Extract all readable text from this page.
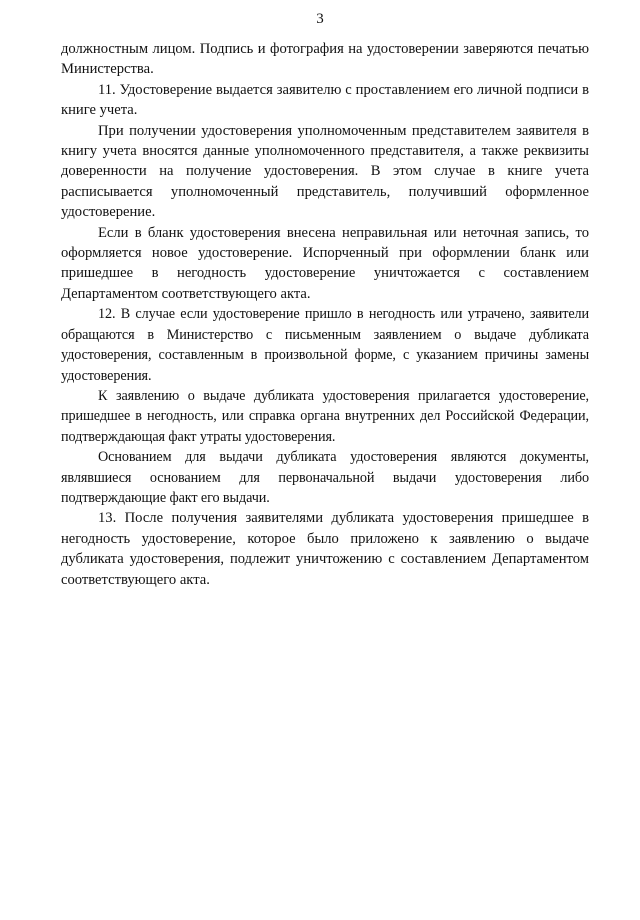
3

должностным лицом. Подпись и фотография на удостоверении заверяются печатью Министерства.

11. Удостоверение выдается заявителю с проставлением его личной подписи в книге учета.

При получении удостоверения уполномоченным представителем заявителя в книгу учета вносятся данные уполномоченного представителя, а также реквизиты доверенности на получение удостоверения. В этом случае в книге учета расписывается уполномоченный представитель, получивший оформленное удостоверение.

Если в бланк удостоверения внесена неправильная или неточная запись, то оформляется новое удостоверение. Испорченный при оформлении бланк или пришедшее в негодность удостоверение уничтожается с составлением Департаментом соответствующего акта.

12. В случае если удостоверение пришло в негодность или утрачено, заявители обращаются в Министерство с письменным заявлением о выдаче дубликата удостоверения, составленным в произвольной форме, с указанием причины замены удостоверения.

К заявлению о выдаче дубликата удостоверения прилагается удостоверение, пришедшее в негодность, или справка органа внутренних дел Российской Федерации, подтверждающая факт утраты удостоверения.

Основанием для выдачи дубликата удостоверения являются документы, являвшиеся основанием для первоначальной выдачи удостоверения либо подтверждающие факт его выдачи.

13. После получения заявителями дубликата удостоверения пришедшее в негодность удостоверение, которое было приложено к заявлению о выдаче дубликата удостоверения, подлежит уничтожению с составлением Департаментом соответствующего акта.
